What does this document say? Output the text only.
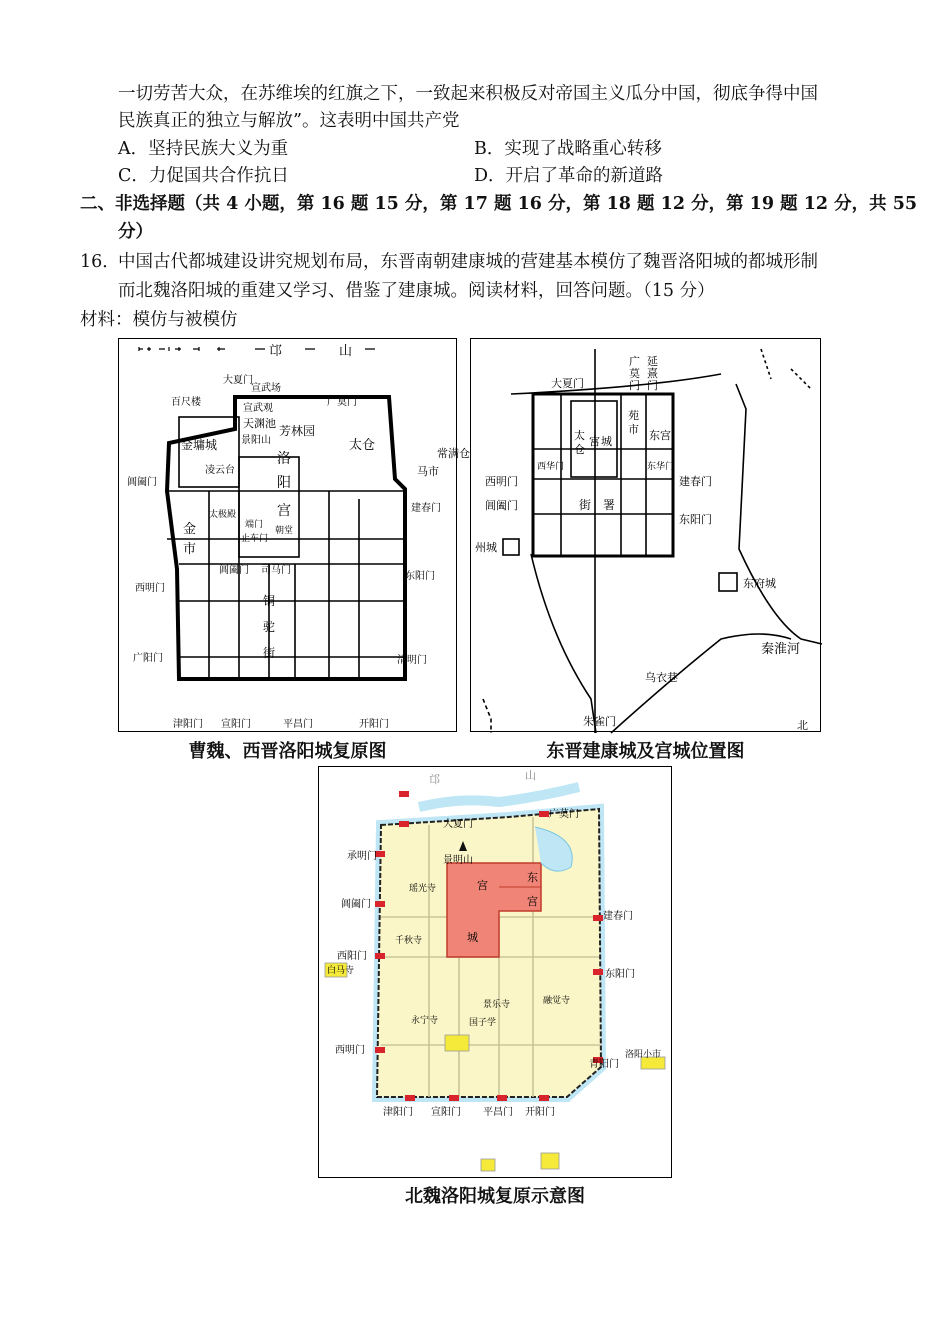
一切劳苦大众，在苏维埃的红旗之下，一致起来积极反对帝国主义瓜分中国，彻底争得中国
民族真正的独立与解放”。这表明中国共产党
A．坚持民族大义为重	B．实现了战略重心转移
C．力促国共合作抗日	D．开启了革命的新道路
二、非选择题（共 4 小题，第 16 题 15 分，第 17 题 16 分，第 18 题 12 分，第 19 题 12 分，共 55
分）
16．
中国古代都城建设讲究规划布局，东晋南朝建康城的营建基本模仿了魏晋洛阳城的都城形制
而北魏洛阳城的重建又学习、借鉴了建康城。阅读材料，回答问题。（15 分）
材料：模仿与被模仿
邙	山
百尺楼
大夏门
宣武场
宣武观
广莫门
天渊池
景阳山
芳林园
太仓
金墉城
常满仓
阊阖门
凌云台
洛
阳
宫
马市
建春门
太极殿
朝堂
端门
止车门
金
市
阊阖门 司马门
西明门
东阳门
铜
驼
街
广阳门	清明门
津阳门 宣阳门	平昌门	开阳门
曹魏、西晋洛阳城复原图
广
莫
门
延
熹
门
大夏门
苑
市 东宫
太
仓
宫 城
西华门	东华门
西明门
阊阖门
建春门
东阳门
街 署
州城
东府城
秦淮河
乌衣巷
朱雀门	北
东晋建康城及宫城位置图
邙	山
大夏门
广莫门
承明门	景明山
阊阖门
宫
城
东
宫
瑶光寺
建春门
千秋寺
西阳门
白马寺	东阳门
景乐寺	融觉寺
永宁寺	国子学
青阳门
洛阳小市
西明门
津阳门 宣阳门 平昌门 开阳门
北魏洛阳城复原示意图
